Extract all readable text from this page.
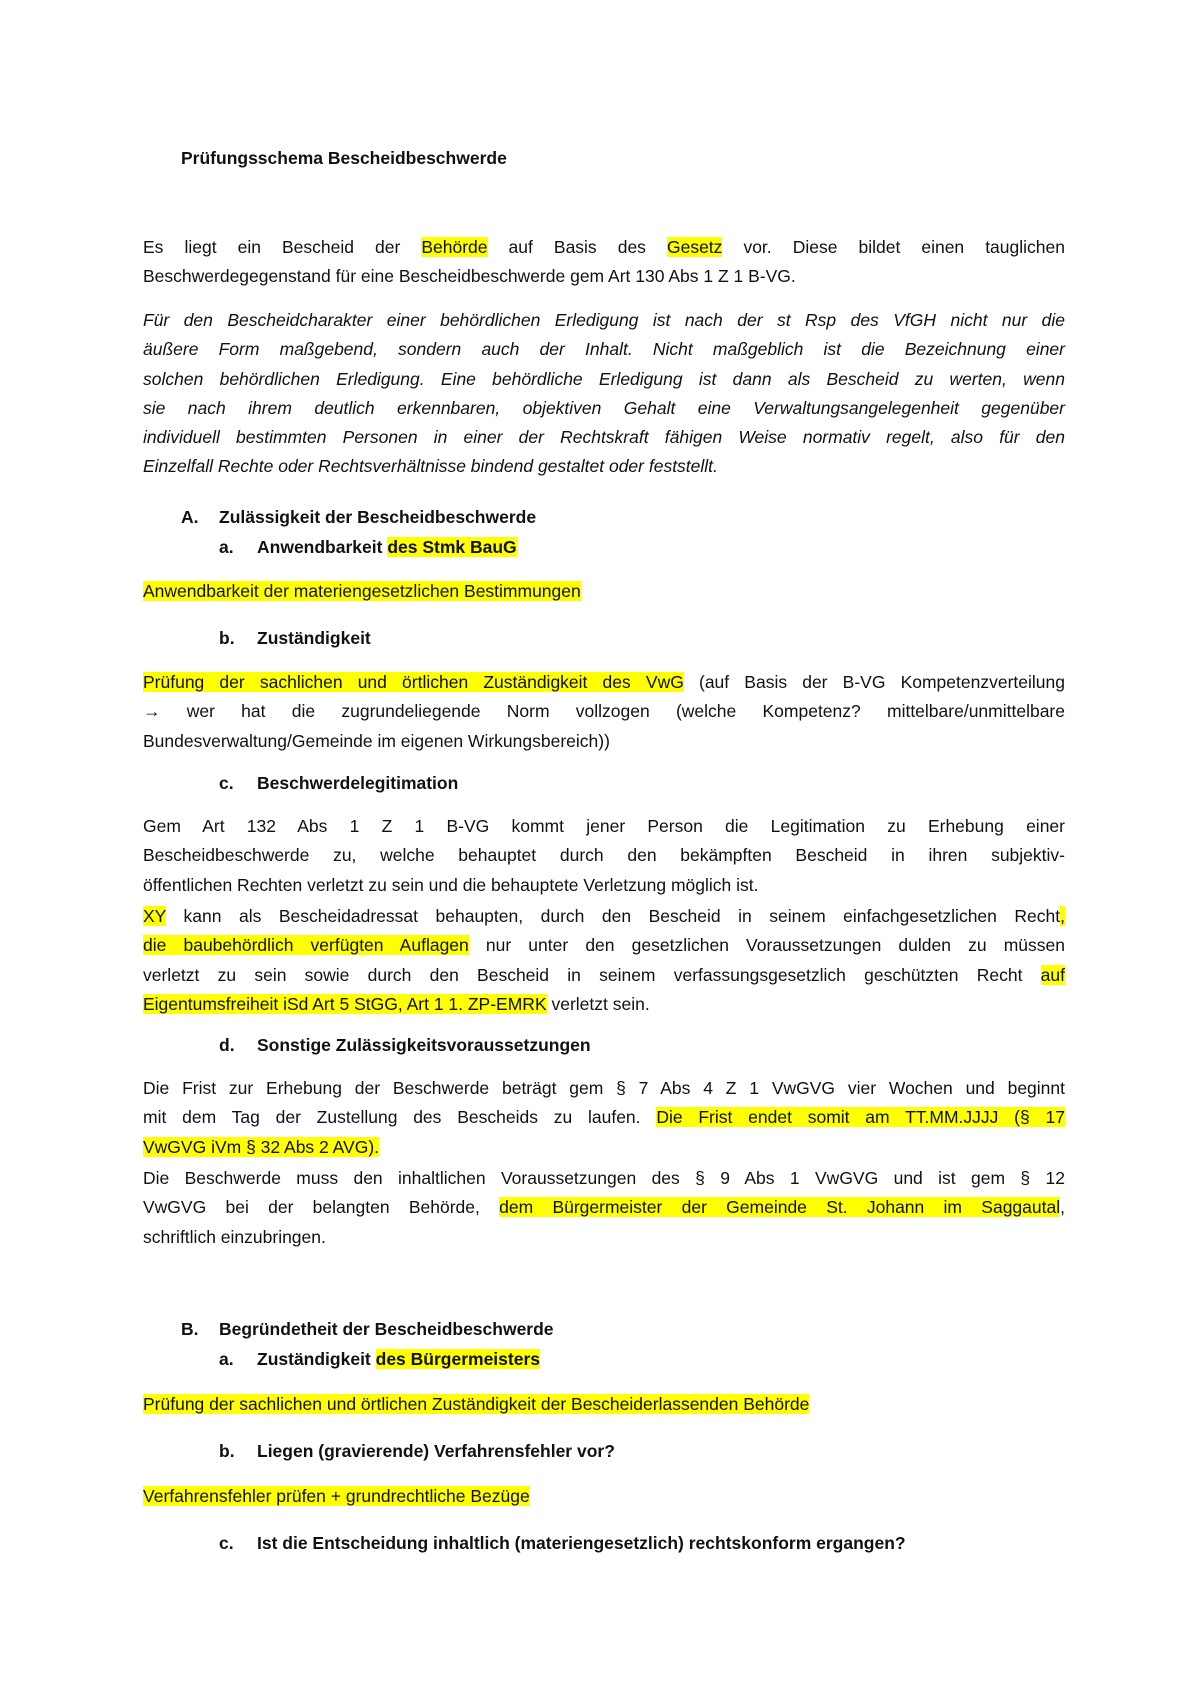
Prüfungsschema Bescheidbeschwerde
Es liegt ein Bescheid der Behörde auf Basis des Gesetz vor. Diese bildet einen tauglichen
Beschwerdegegenstand für eine Bescheidbeschwerde gem Art 130 Abs 1 Z 1 B-VG.
Für den Bescheidcharakter einer behördlichen Erledigung ist nach der st Rsp des VfGH nicht nur die
äußere Form maßgebend, sondern auch der Inhalt. Nicht maßgeblich ist die Bezeichnung einer
solchen behördlichen Erledigung. Eine behördliche Erledigung ist dann als Bescheid zu werten, wenn
sie nach ihrem deutlich erkennbaren, objektiven Gehalt eine Verwaltungsangelegenheit gegenüber
individuell bestimmten Personen in einer der Rechtskraft fähigen Weise normativ regelt, also für den
Einzelfall Rechte oder Rechtsverhältnisse bindend gestaltet oder feststellt.
A. Zulässigkeit der Bescheidbeschwerde
a. Anwendbarkeit des Stmk BauG
Anwendbarkeit der materiengesetzlichen Bestimmungen
b. Zuständigkeit
Prüfung der sachlichen und örtlichen Zuständigkeit des VwG (auf Basis der B-VG Kompetenzverteilung
→ wer hat die zugrundeliegende Norm vollzogen (welche Kompetenz? mittelbare/unmittelbare
Bundesverwaltung/Gemeinde im eigenen Wirkungsbereich))
c. Beschwerdelegitimation
Gem Art 132 Abs 1 Z 1 B-VG kommt jener Person die Legitimation zu Erhebung einer
Bescheidbeschwerde zu, welche behauptet durch den bekämpften Bescheid in ihren subjektiv-
öffentlichen Rechten verletzt zu sein und die behauptete Verletzung möglich ist.
XY kann als Bescheidadressat behaupten, durch den Bescheid in seinem einfachgesetzlichen Recht,
die baubehördlich verfügten Auflagen nur unter den gesetzlichen Voraussetzungen dulden zu müssen
verletzt zu sein sowie durch den Bescheid in seinem verfassungsgesetzlich geschützten Recht auf
Eigentumsfreiheit iSd Art 5 StGG, Art 1 1. ZP-EMRK verletzt sein.
d. Sonstige Zulässigkeitsvoraussetzungen
Die Frist zur Erhebung der Beschwerde beträgt gem § 7 Abs 4 Z 1 VwGVG vier Wochen und beginnt
mit dem Tag der Zustellung des Bescheids zu laufen. Die Frist endet somit am TT.MM.JJJJ (§ 17
VwGVG iVm § 32 Abs 2 AVG).
Die Beschwerde muss den inhaltlichen Voraussetzungen des § 9 Abs 1 VwGVG und ist gem § 12
VwGVG bei der belangten Behörde, dem Bürgermeister der Gemeinde St. Johann im Saggautal,
schriftlich einzubringen.
B. Begründetheit der Bescheidbeschwerde
a. Zuständigkeit des Bürgermeisters
Prüfung der sachlichen und örtlichen Zuständigkeit der Bescheiderlassenden Behörde
b. Liegen (gravierende) Verfahrensfehler vor?
Verfahrensfehler prüfen + grundrechtliche Bezüge
c. Ist die Entscheidung inhaltlich (materiengesetzlich) rechtskonform ergangen?
